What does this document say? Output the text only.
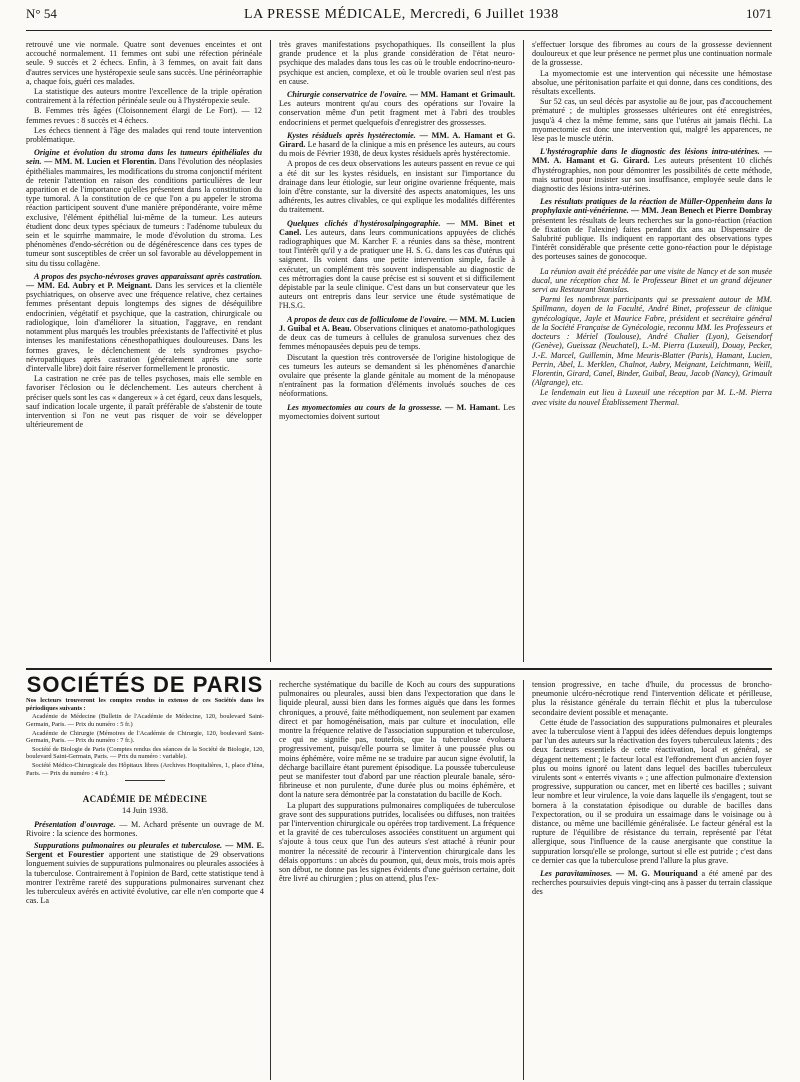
N° 54	LA PRESSE MÉDICALE, Mercredi, 6 Juillet 1938	1071

retrouvé une vie normale. Quatre sont devenues enceintes et ont accouché normalement. 11 femmes ont subi une réfection périnéale seule. 9 succès et 2 échecs. Enfin, à 3 femmes, on avait fait dans d'autres services une hystéropexie seule sans succès. Une périnéorraphie a, chaque fois, guéri ces malades.

La statistique des auteurs montre l'excellence de la triple opération contrairement à la réfection périnéale seule ou à l'hystéropexie seule.

B. Femmes très âgées (Cloisonnement élargi de Le Fort). — 12 femmes revues : 8 succès et 4 échecs.

Les échecs tiennent à l'âge des malades qui rend toute intervention problématique.

Origine et évolution du stroma dans les tumeurs épithéliales du sein. — MM. M. Lucien et Florentin. Dans l'évolution des néoplasies épithéliales mammaires, les modifications du stroma conjonctif méritent de retenir l'attention en raison des conditions particulières de leur apparition et de l'importance qu'elles présentent dans la constitution du type tumoral. A la constitution de ce que l'on a pu appeler le stroma réaction participent souvent d'une manière prépondérante, voire même exclusive, l'élément épithélial lui-même de la tumeur. Les auteurs étudient donc deux types spéciaux de tumeurs : l'adénome tubuleux du sein et le squirrhe mammaire, le mode d'évolution du stroma. Les phénomènes d'endo-sécrétion ou de dégénérescence dans ces types de tumeur sont susceptibles de créer un sol favorable au développement in situ du tissu collagène.

A propos des psycho-névroses graves apparaissant après castration. — MM. Ed. Aubry et P. Meignant. Dans les services et la clientèle psychiatriques, on observe avec une fréquence relative, chez certaines femmes présentant depuis longtemps des signes de déséquilibre endocrinien, végétatif et psychique, que la castration, chirurgicale ou radiologique, loin d'améliorer la situation, l'aggrave, en rendant notamment plus marqués les troubles préexistants de l'affectivité et plus intenses les manifestations cénesthopathiques douloureuses. Dans les formes graves, le déclenchement de tels syndromes psycho-névropathiques après castration (généralement après une sorte d'intervalle libre) doit faire réserver formellement le pronostic.

La castration ne crée pas de telles psychoses, mais elle semble en favoriser l'éclosion ou le déclenchement. Les auteurs cherchent à préciser quels sont les cas « dangereux » à cet égard, ceux dans lesquels, sauf indication locale urgente, il paraît préférable de s'abstenir de toute intervention si l'on ne veut pas risquer de voir se développer ultérieurement de

très graves manifestations psychopathiques. Ils conseillent la plus grande prudence et la plus grande considération de l'état neuro-psychique des malades dans tous les cas où le trouble endocrino-neuro-psychique est ancien, complexe, et où le trouble ovarien seul n'est pas en cause.

Chirurgie conservatrice de l'ovaire. — MM. Hamant et Grimault. Les auteurs montrent qu'au cours des opérations sur l'ovaire la conservation même d'un petit fragment met à l'abri des troubles endocriniens et permet quelquefois d'enregistrer des grossesses.

Kystes résiduels après hystérectomie. — MM. A. Hamant et G. Girard. Le hasard de la clinique a mis en présence les auteurs, au cours du mois de Février 1938, de deux kystes résiduels après hystérectomie.

A propos de ces deux observations les auteurs passent en revue ce qui a été dit sur les kystes résiduels, en insistant sur l'importance du drainage dans leur étiologie, sur leur origine ovarienne fréquente, mais loin d'être constante, sur la diversité des aspects anatomiques, les uns adhérents, les autres clivables, ce qui explique les modalités différentes du traitement.

Quelques clichés d'hystérosalpingographie. — MM. Binet et Canel. Les auteurs, dans leurs communications appuyées de clichés radiographiques que M. Karcher F. a réunies dans sa thèse, montrent tout l'intérêt qu'il y a de pratiquer une H. S. G. dans les cas d'utérus qui saignent. Ils voient dans une petite intervention simple, facile à exécuter, un complément très souvent indispensable au diagnostic de ces métrorragies dont la cause précise est si souvent et si difficilement dépistable par la seule clinique. C'est dans un but conservateur que les auteurs ont entrepris dans leur service une étude systématique de l'H.S.G.

A propos de deux cas de folliculome de l'ovaire. — MM. M. Lucien J. Guibal et A. Beau. Observations cliniques et anatomo-pathologiques de deux cas de tumeurs à cellules de granulosa survenues chez des femmes ménopausées depuis peu de temps.

Discutant la question très controversée de l'origine histologique de ces tumeurs les auteurs se demandent si les phénomènes d'anarchie ovulaire que présente la glande génitale au moment de la ménopause n'entraînent pas la formation d'éléments involués souches de ces néoformations.

Les myomectomies au cours de la grossesse. — M. Hamant. Les myomectomies doivent surtout

s'effectuer lorsque des fibromes au cours de la grossesse deviennent douloureux et que leur présence ne permet plus une continuation normale de la grossesse.

La myomectomie est une intervention qui nécessite une hémostase absolue, une péritonisation parfaite et qui donne, dans ces conditions, des résultats excellents.

Sur 52 cas, un seul décès par asystolie au 8e jour, pas d'accouchement prématuré ; de multiples grossesses ultérieures ont été enregistrées, jusqu'à 4 chez la même femme, sans que l'utérus ait jamais fléchi. La myomectomie est donc une intervention qui, malgré les apparences, ne lèse pas le muscle utérin.

L'hystérographie dans le diagnostic des lésions intra-utérines. — MM. A. Hamant et G. Girard. Les auteurs présentent 10 clichés d'hystérographies, non pour démontrer les possibilités de cette méthode, mais surtout pour insister sur son insuffisance, employée seule dans le diagnostic des lésions intra-utérines.

Les résultats pratiques de la réaction de Müller-Oppenheim dans la prophylaxie anti-vénérienne. — MM. Jean Benech et Pierre Dombray présentent les résultats de leurs recherches sur la gono-réaction (réaction de fixation de l'alexine) faites pendant dix ans au Dispensaire de Salubrité publique. Ils indiquent en rapportant des observations types l'intérêt considérable que présente cette gono-réaction pour le dépistage des porteuses saines de gonocoque.

La réunion avait été précédée par une visite de Nancy et de son musée ducal, une réception chez M. le Professeur Binet et un grand déjeuner servi au Restaurant Stanislas.

Parmi les nombreux participants qui se pressaient autour de MM. Spillmann, doyen de la Faculté, André Binet, professeur de clinique gynécologique, Jayle et Maurice Fabre, président et secrétaire général de la Société Française de Gynécologie, reconnu MM. les Professeurs et docteurs : Mériel (Toulouse), André Chalier (Lyon), Geisendorf (Genève), Gueissaz (Neuchatel), L.-M. Pierra (Luxeuil), Douay, Pecker, J.-E. Marcel, Guillemin, Mme Meuris-Blatter (Paris), Hamant, Lucien, Perrin, Abel, L. Merklen, Chalnot, Aubry, Meignant, Leichtmann, Weill, Florentin, Girard, Canel, Binder, Guibal, Beau, Jacob (Nancy), Grimault (Algrange), etc.

Le lendemain eut lieu à Luxeuil une réception par M. L.-M. Pierra avec visite du nouvel Établissement Thermal.

SOCIÉTÉS DE PARIS

Nos lecteurs trouveront les comptes rendus in extenso de ces Sociétés dans les périodiques suivants :

Académie de Médecine (Bulletin de l'Académie de Médecine, 120, boulevard Saint-Germain, Paris. — Prix du numéro : 5 fr.)

Académie de Chirurgie (Mémoires de l'Académie de Chirurgie, 120, boulevard Saint-Germain, Paris. — Prix du numéro : 7 fr.).

Société de Biologie de Paris (Comptes rendus des séances de la Société de Biologie, 120, boulevard Saint-Germain, Paris. — Prix du numéro : variable).

Société Médico-Chirurgicale des Hôpitaux libres (Archives Hospitalières, 1, place d'Iéna, Paris. — Prix du numéro : 4 fr.).

ACADÉMIE DE MÉDECINE
14 Juin 1938.

Présentation d'ouvrage. — M. Achard présente un ouvrage de M. Rivoire : la science des hormones.

Suppurations pulmonaires ou pleurales et tuberculose. — MM. E. Sergent et Fourestier apportent une statistique de 29 observations longuement suivies de suppurations pulmonaires ou pleurales associées à la tuberculose. Contrairement à l'opinion de Bard, cette statistique tend à montrer l'extrême rareté des suppurations pulmonaires survenant chez les tuberculeux avérés en activité évolutive, car elle n'en comporte que 4 cas. La

recherche systématique du bacille de Koch au cours des suppurations pulmonaires ou pleurales, aussi bien dans l'expectoration que dans le liquide pleural, aussi bien dans les formes aiguës que dans les formes chroniques, a prouvé, faite méthodiquement, non seulement par examen direct et par homogénéisation, mais par culture et inoculation, elle montre la fréquence relative de l'association suppuration et tuberculose, ce qui ne signifie pas, toutefois, que la tuberculose évoluera progressivement, puisqu'elle pourra se limiter à une poussée plus ou moins éphémère, voire même ne se traduire par aucun signe évolutif, la décharge bacillaire étant purement épisodique. La poussée tuberculeuse peut se manifester tout d'abord par une réaction pleurale banale, séro-fibrineuse et non purulente, d'une durée plus ou moins éphémère, et dont la nature sera démontrée par la constatation du bacille de Koch.

La plupart des suppurations pulmonaires compliquées de tuberculose grave sont des suppurations putrides, localisées ou diffuses, non traitées par l'intervention chirurgicale ou opérées trop tardivement. La fréquence et la gravité de ces tuberculoses associées constituent un argument qui s'ajoute à tous ceux que l'un des auteurs s'est attaché à réunir pour montrer la nécessité de recourir à l'intervention chirurgicale dans les délais opportuns : un abcès du poumon, qui, deux mois, trois mois après son début, ne donne pas les signes évidents d'une guérison certaine, doit être livré au chirurgien ; plus on attend, plus l'ex-

tension progressive, en tache d'huile, du processus de broncho-pneumonie ulcéro-nécrotique rend l'intervention délicate et périlleuse, plus la résistance générale du terrain fléchit et plus la tuberculose secondaire devient possible et menaçante.

Cette étude de l'association des suppurations pulmonaires et pleurales avec la tuberculose vient à l'appui des idées défendues depuis longtemps par l'un des auteurs sur la réactivation des foyers tuberculeux latents ; des deux facteurs essentiels de cette réactivation, local et général, se dégagent nettement ; le facteur local est l'effondrement d'un ancien foyer plus ou moins ignoré ou latent dans lequel des bacilles tuberculeux virulents sont « enterrés vivants » ; une affection pulmonaire d'extension progressive, suppuration ou cancer, met en liberté ces bacilles ; suivant leur nombre et leur virulence, la voie dans laquelle ils s'engagent, tout se bornera à la constatation épisodique ou durable de bacilles dans l'expectoration, ou il se produira un essaimage dans le voisinage ou à distance, ou même une bacillémie généralisée. Le facteur général est la rupture de l'équilibre de résistance du terrain, représenté par l'état allergique, sous l'influence de la cause anergisante que constitue la suppuration lorsqu'elle se prolonge, surtout si elle est putride ; c'est dans ce dernier cas que la tuberculose prend l'allure la plus grave.

Les paravitaminoses. — M. G. Mouriquand a été amené par des recherches poursuivies depuis vingt-cinq ans à passer du terrain classique des
